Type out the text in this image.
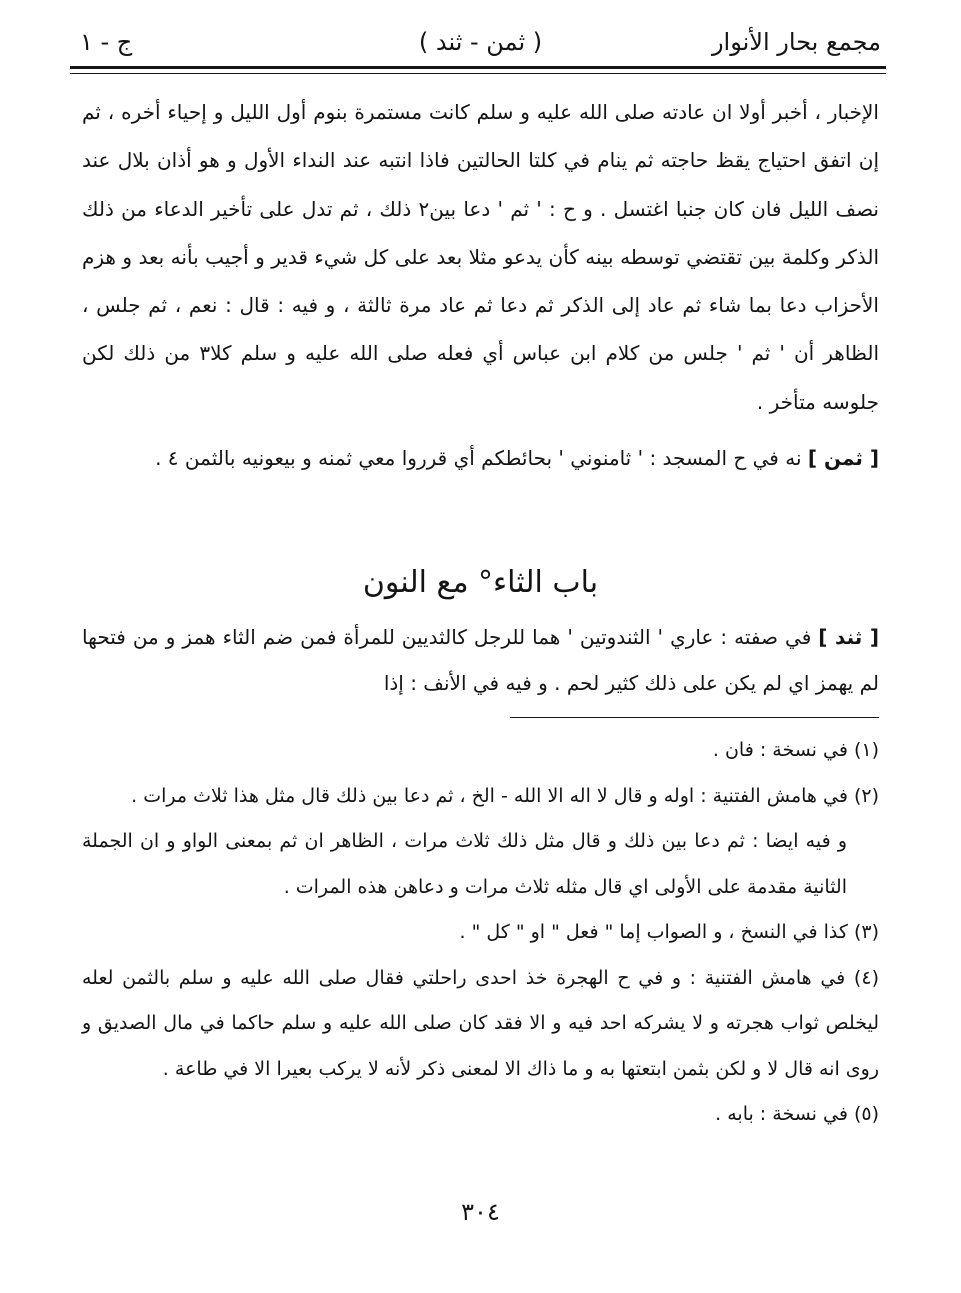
مجمع بحار الأنوار
( ثمن - ثند )
ج - ١

الإخبار ، أخبر أولا ان عادته صلى الله عليه و سلم كانت مستمرة بنوم أول الليل و إحياء أخره ، ثم إن اتفق احتياج يقظ حاجته ثم ينام في كلتا الحالتين فاذا انتبه عند النداء الأول و هو أذان بلال عند نصف الليل فان كان جنبا اغتسل . و ح : ' ثم ' دعا بين٢ ذلك ، ثم تدل على تأخير الدعاء من ذلك الذكر وكلمة بين تقتضي توسطه بينه كأن يدعو مثلا بعد على كل شيء قدير و أجيب بأنه بعد و هزم الأحزاب دعا بما شاء ثم عاد إلى الذكر ثم دعا ثم عاد مرة ثالثة ، و فيه : قال : نعم ، ثم جلس ، الظاهر أن ' ثم ' جلس من كلام ابن عباس أي فعله صلى الله عليه و سلم كلا٣ من ذلك لكن جلوسه متأخر .

[ ثمن ] نه في ح المسجد : ' ثامنوني ' بحائطكم أي قرروا معي ثمنه و بيعونيه بالثمن ٤ .

باب الثاء° مع النون

[ ثند ] في صفته : عاري ' الثندوتين ' هما للرجل كالثديين للمرأة فمن ضم الثاء همز و من فتحها لم يهمز اي لم يكن على ذلك كثير لحم . و فيه في الأنف : إذا

(١) في نسخة : فان .

(٢) في هامش الفتنية : اوله و قال لا اله الا الله - الخ ، ثم دعا بين ذلك قال مثل هذا ثلاث مرات .

و فيه ايضا : ثم دعا بين ذلك و قال مثل ذلك ثلاث مرات ، الظاهر ان ثم بمعنى الواو و ان الجملة الثانية مقدمة على الأولى اي قال مثله ثلاث مرات و دعاهن هذه المرات .

(٣) كذا في النسخ ، و الصواب إما " فعل " او " كل " .

(٤) في هامش الفتنية : و في ح الهجرة خذ احدى راحلتي فقال صلى الله عليه و سلم بالثمن لعله ليخلص ثواب هجرته و لا يشركه احد فيه و الا فقد كان صلى الله عليه و سلم حاكما في مال الصديق و روى انه قال لا و لكن بثمن ابتعتها به و ما ذاك الا لمعنى ذكر لأنه لا يركب بعيرا الا في طاعة .

(٥) في نسخة : بابه .

٣٠٤
